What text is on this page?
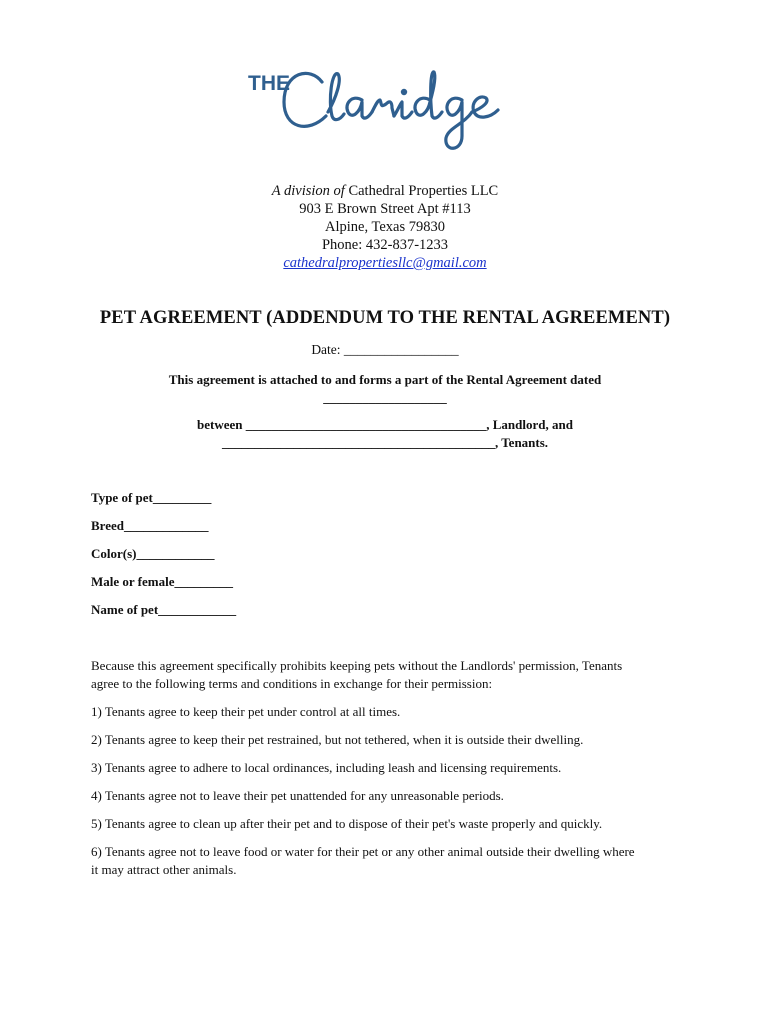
THE
Claridge
A division of Cathedral Properties LLC
903 E Brown Street Apt #113
Alpine, Texas 79830
Phone: 432-837-1233
cathedralpropertiesllc@gmail.com
PET AGREEMENT (ADDENDUM TO THE RENTAL AGREEMENT)
Date: _________________
This agreement is attached to and forms a part of the Rental Agreement dated
___________________
between _____________________________________, Landlord, and
__________________________________________, Tenants.
Type of pet_________
Breed_____________
Color(s)____________
Male or female_________
Name of pet____________
Because this agreement specifically prohibits keeping pets without the Landlords' permission, Tenants
agree to the following terms and conditions in exchange for their permission:
1) Tenants agree to keep their pet under control at all times.
2) Tenants agree to keep their pet restrained, but not tethered, when it is outside their dwelling.
3) Tenants agree to adhere to local ordinances, including leash and licensing requirements.
4) Tenants agree not to leave their pet unattended for any unreasonable periods.
5) Tenants agree to clean up after their pet and to dispose of their pet's waste properly and quickly.
6) Tenants agree not to leave food or water for their pet or any other animal outside their dwelling where
it may attract other animals.
